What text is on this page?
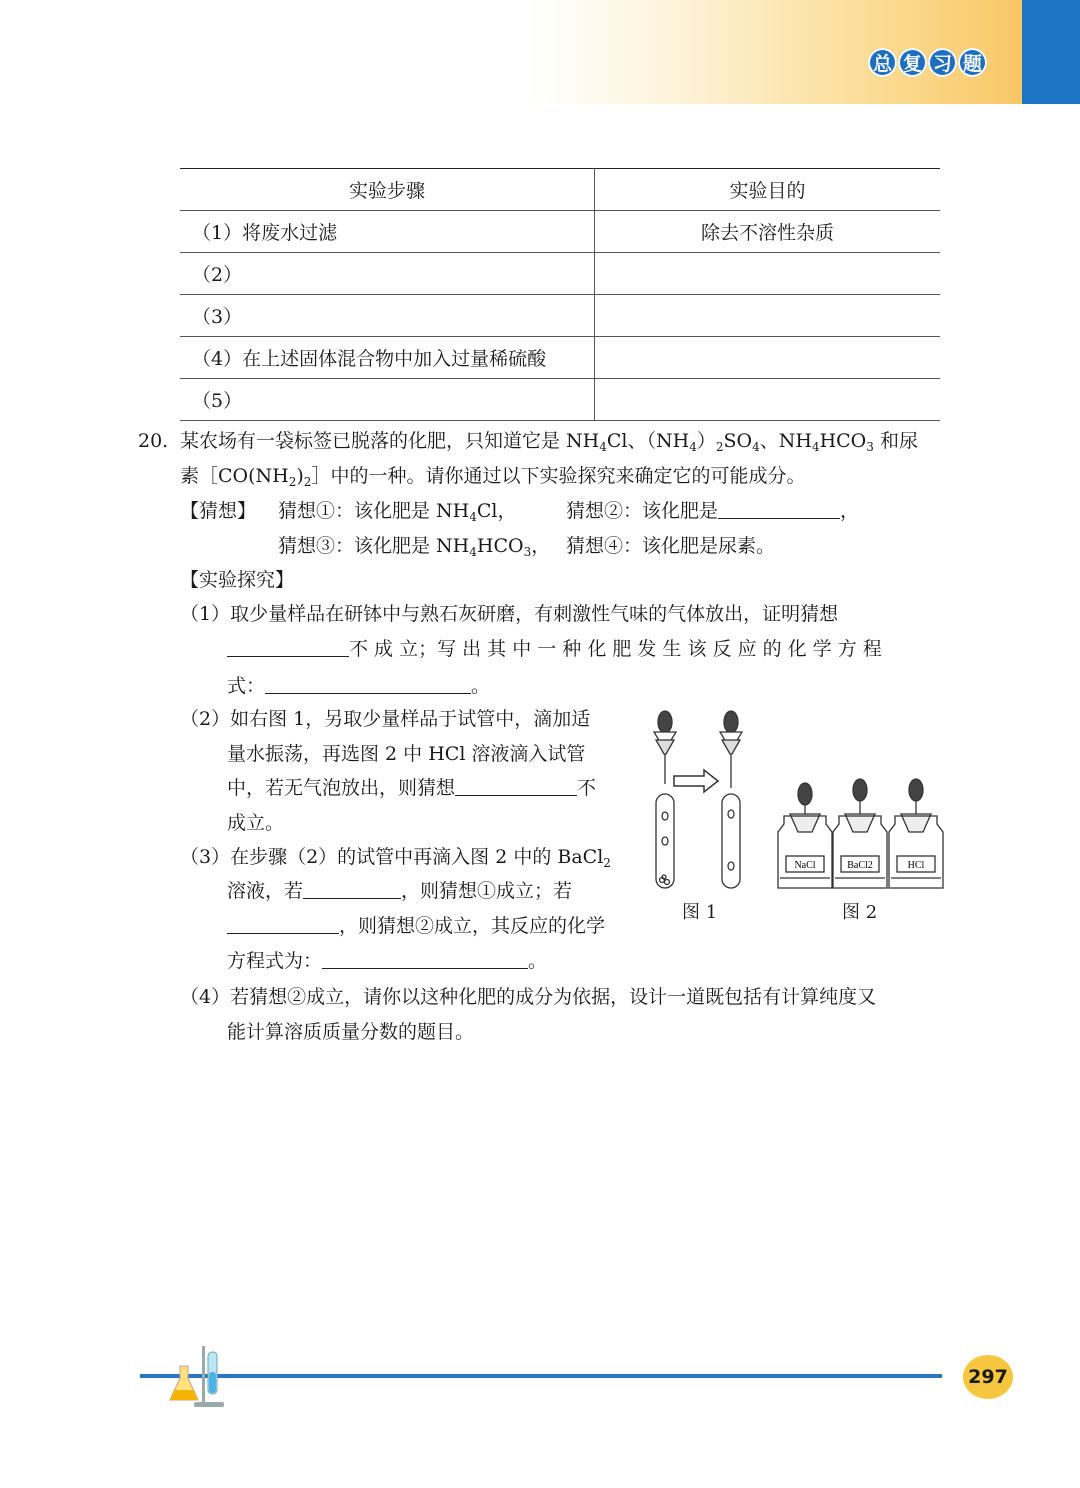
总 复 习 题
实验步骤	实验目的
（1）将废水过滤	除去不溶性杂质
（2）	
（3）	
（4）在上述固体混合物中加入过量稀硫酸	
（5）	
20. 某农场有一袋标签已脱落的化肥，只知道它是 $NH_4Cl$、$(NH_4)_2SO_4$、$NH_4HCO_3$ 和尿
素$[CO(NH_2)_2]$中的一种。请你通过以下实验探究来确定它的可能成分。
【猜想】 猜想①：该化肥是 $NH_4Cl$，	猜想②：该化肥是	，
猜想③：该化肥是 $NH_4HCO_3$， 猜想④：该化肥是尿素。
【实验探究】
（1）取少量样品在研钵中与熟石灰研磨，有刺激性气味的气体放出，证明猜想
不 成 立；写 出 其 中 一 种 化 肥 发 生 该 反 应 的 化 学 方 程
式：	。
（2）如右图 1，另取少量样品于试管中，滴加适
量水振荡，再选图 2 中 HCl 溶液滴入试管
中，若无气泡放出，则猜想	不
成立。
（3）在步骤（2）的试管中再滴入图 2 中的 BaCl$_2$
溶液，若	，则猜想①成立；若
，则猜想②成立，其反应的化学
方程式为：	。
（4）若猜想②成立，请你以这种化肥的成分为依据，设计一道既包括有计算纯度又
能计算溶质质量分数的题目。
NaCl	BaCl2	HCl
图 1	图 2
297
